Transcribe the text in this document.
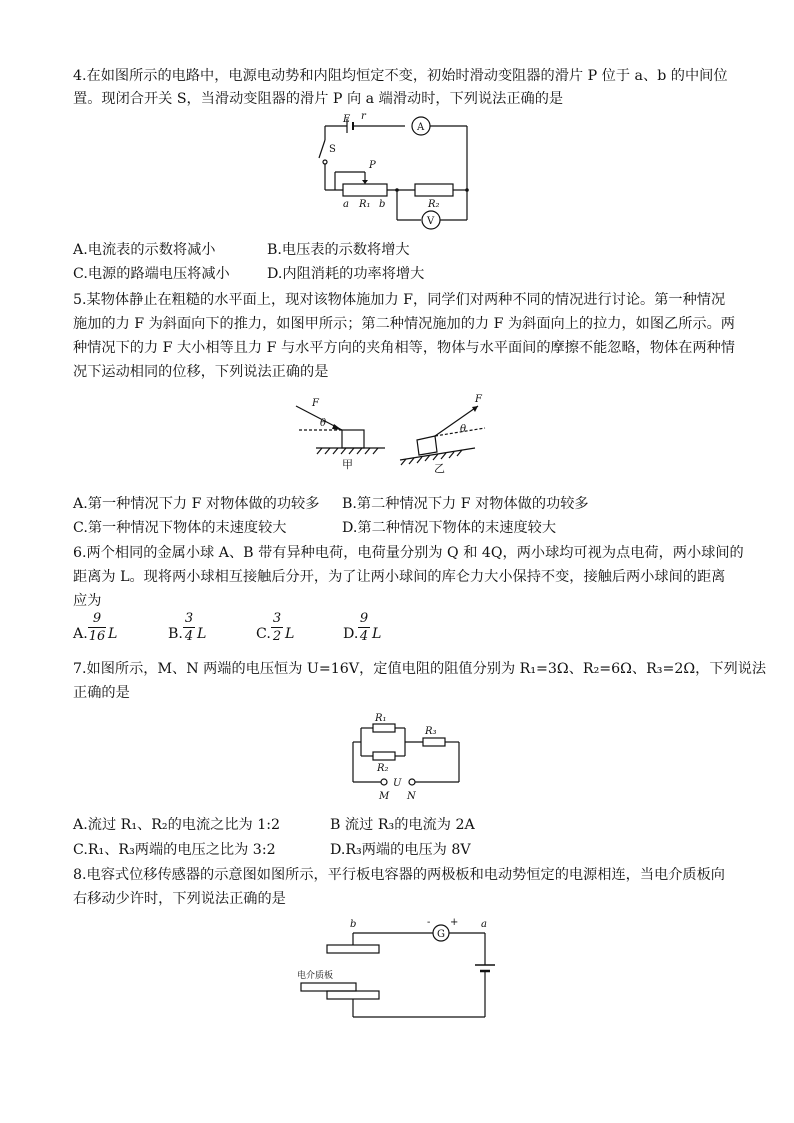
4.在如图所示的电路中，电源电动势和内阻均恒定不变，初始时滑动变阻器的滑片 P 位于 a、b 的中间位
置。现闭合开关 S，当滑动变阻器的滑片 P 向 a 端滑动时，下列说法正确的是
E r
P
a R₁ b	R₂
S
A
V
A.电流表的示数将减小	B.电压表的示数将增大
C.电源的路端电压将减小	D.内阻消耗的功率将增大
5.某物体静止在粗糙的水平面上，现对该物体施加力 F，同学们对两种不同的情况进行讨论。第一种情况
施加的力 F 为斜面向下的推力，如图甲所示；第二种情况施加的力 F 为斜面向上的拉力，如图乙所示。两
种情况下的力 F 大小相等且力 F 与水平方向的夹角相等，物体与水平面间的摩擦不能忽略，物体在两种情
况下运动相同的位移，下列说法正确的是
F
θ
F
θ
甲	乙
A.第一种情况下力 F 对物体做的功较多 B.第二种情况下力 F 对物体做的功较多
C.第一种情况下物体的末速度较大	D.第二种情况下物体的末速度较大
6.两个相同的金属小球 A、B 带有异种电荷，电荷量分别为 Q 和 4Q，两小球均可视为点电荷，两小球间的
距离为 L。现将两小球相互接触后分开，为了让两小球间的库仑力大小保持不变，接触后两小球间的距离
应为
A.
9
16 L	B.
3
4 L	C.
3
2 L	D.
9
4 L
7.如图所示，M、N 两端的电压恒为 U=16V，定值电阻的阻值分别为 R₁=3Ω、R₂=6Ω、R₃=2Ω，下列说法
正确的是
R₁
R₃
R₂
U
M N
A.流过 R₁、R₂的电流之比为 1:2	B 流过 R₃的电流为 2A
C.R₁、R₃两端的电压之比为 3:2	D.R₃两端的电压为 8V
8.电容式位移传感器的示意图如图所示，平行板电容器的两极板和电动势恒定的电源相连，当电介质板向
右移动少许时，下列说法正确的是
b	- +
G
a
电介质板
